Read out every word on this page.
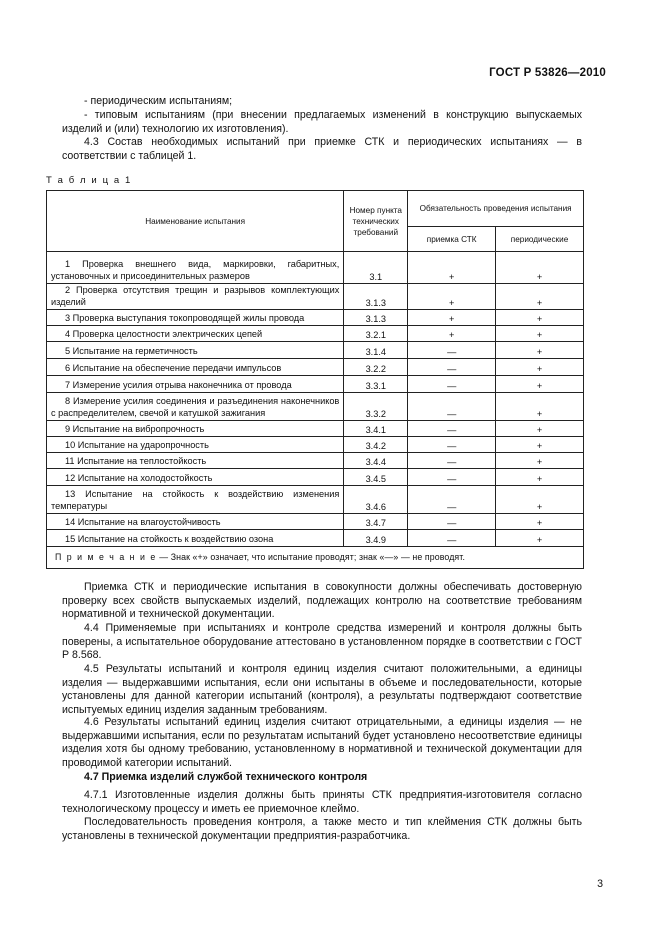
ГОСТ Р 53826—2010
- периодическим испытаниям;
- типовым испытаниям (при внесении предлагаемых изменений в конструкцию выпускаемых изделий и (или) технологию их изготовления).
4.3 Состав необходимых испытаний при приемке СТК и периодических испытаниях — в соответствии с таблицей 1.
Т а б л и ц а 1
Наименование испытания	Номер пункта технических требований	Обязательность проведения испытания	
		приемка СТК	периодические

1 Проверка внешнего вида, маркировки, габаритных, установочных и присоединительных размеров	3.1	+	+

2 Проверка отсутствия трещин и разрывов комплектующих изделий	3.1.3	+	+

3 Проверка выступания токопроводящей жилы провода	3.1.3	+	+

4 Проверка целостности электрических цепей	3.2.1	+	+

5 Испытание на герметичность	3.1.4	—	+

6 Испытание на обеспечение передачи импульсов	3.2.2	—	+

7 Измерение усилия отрыва наконечника от провода	3.3.1	—	+

8 Измерение усилия соединения и разъединения наконечников с распределителем, свечой и катушкой зажигания	3.3.2	—	+

9 Испытание на вибропрочность	3.4.1	—	+

10 Испытание на ударопрочность	3.4.2	—	+

11 Испытание на теплостойкость	3.4.4	—	+

12 Испытание на холодостойкость	3.4.5	—	+

13 Испытание на стойкость к воздействию изменения температуры	3.4.6	—	+

14 Испытание на влагоустойчивость	3.4.7	—	+

15 Испытание на стойкость к воздействию озона	3.4.9	—	+
П р и м е ч а н и е — Знак «+» означает, что испытание проводят; знак «—» — не проводят.			
Приемка СТК и периодические испытания в совокупности должны обеспечивать достоверную проверку всех свойств выпускаемых изделий, подлежащих контролю на соответствие требованиям нормативной и технической документации.
4.4 Применяемые при испытаниях и контроле средства измерений и контроля должны быть поверены, а испытательное оборудование аттестовано в установленном порядке в соответствии с ГОСТ Р 8.568.
4.5 Результаты испытаний и контроля единиц изделия считают положительными, а единицы изделия — выдержавшими испытания, если они испытаны в объеме и последовательности, которые установлены для данной категории испытаний (контроля), а результаты подтверждают соответствие испытуемых единиц изделия заданным требованиям.
4.6 Результаты испытаний единиц изделия считают отрицательными, а единицы изделия — не выдержавшими испытания, если по результатам испытаний будет установлено несоответствие единицы изделия хотя бы одному требованию, установленному в нормативной и технической документации для проводимой категории испытаний.
4.7 Приемка изделий службой технического контроля
4.7.1 Изготовленные изделия должны быть приняты СТК предприятия-изготовителя согласно технологическому процессу и иметь ее приемочное клеймо.
Последовательность проведения контроля, а также место и тип клеймения СТК должны быть установлены в технической документации предприятия-разработчика.
3
